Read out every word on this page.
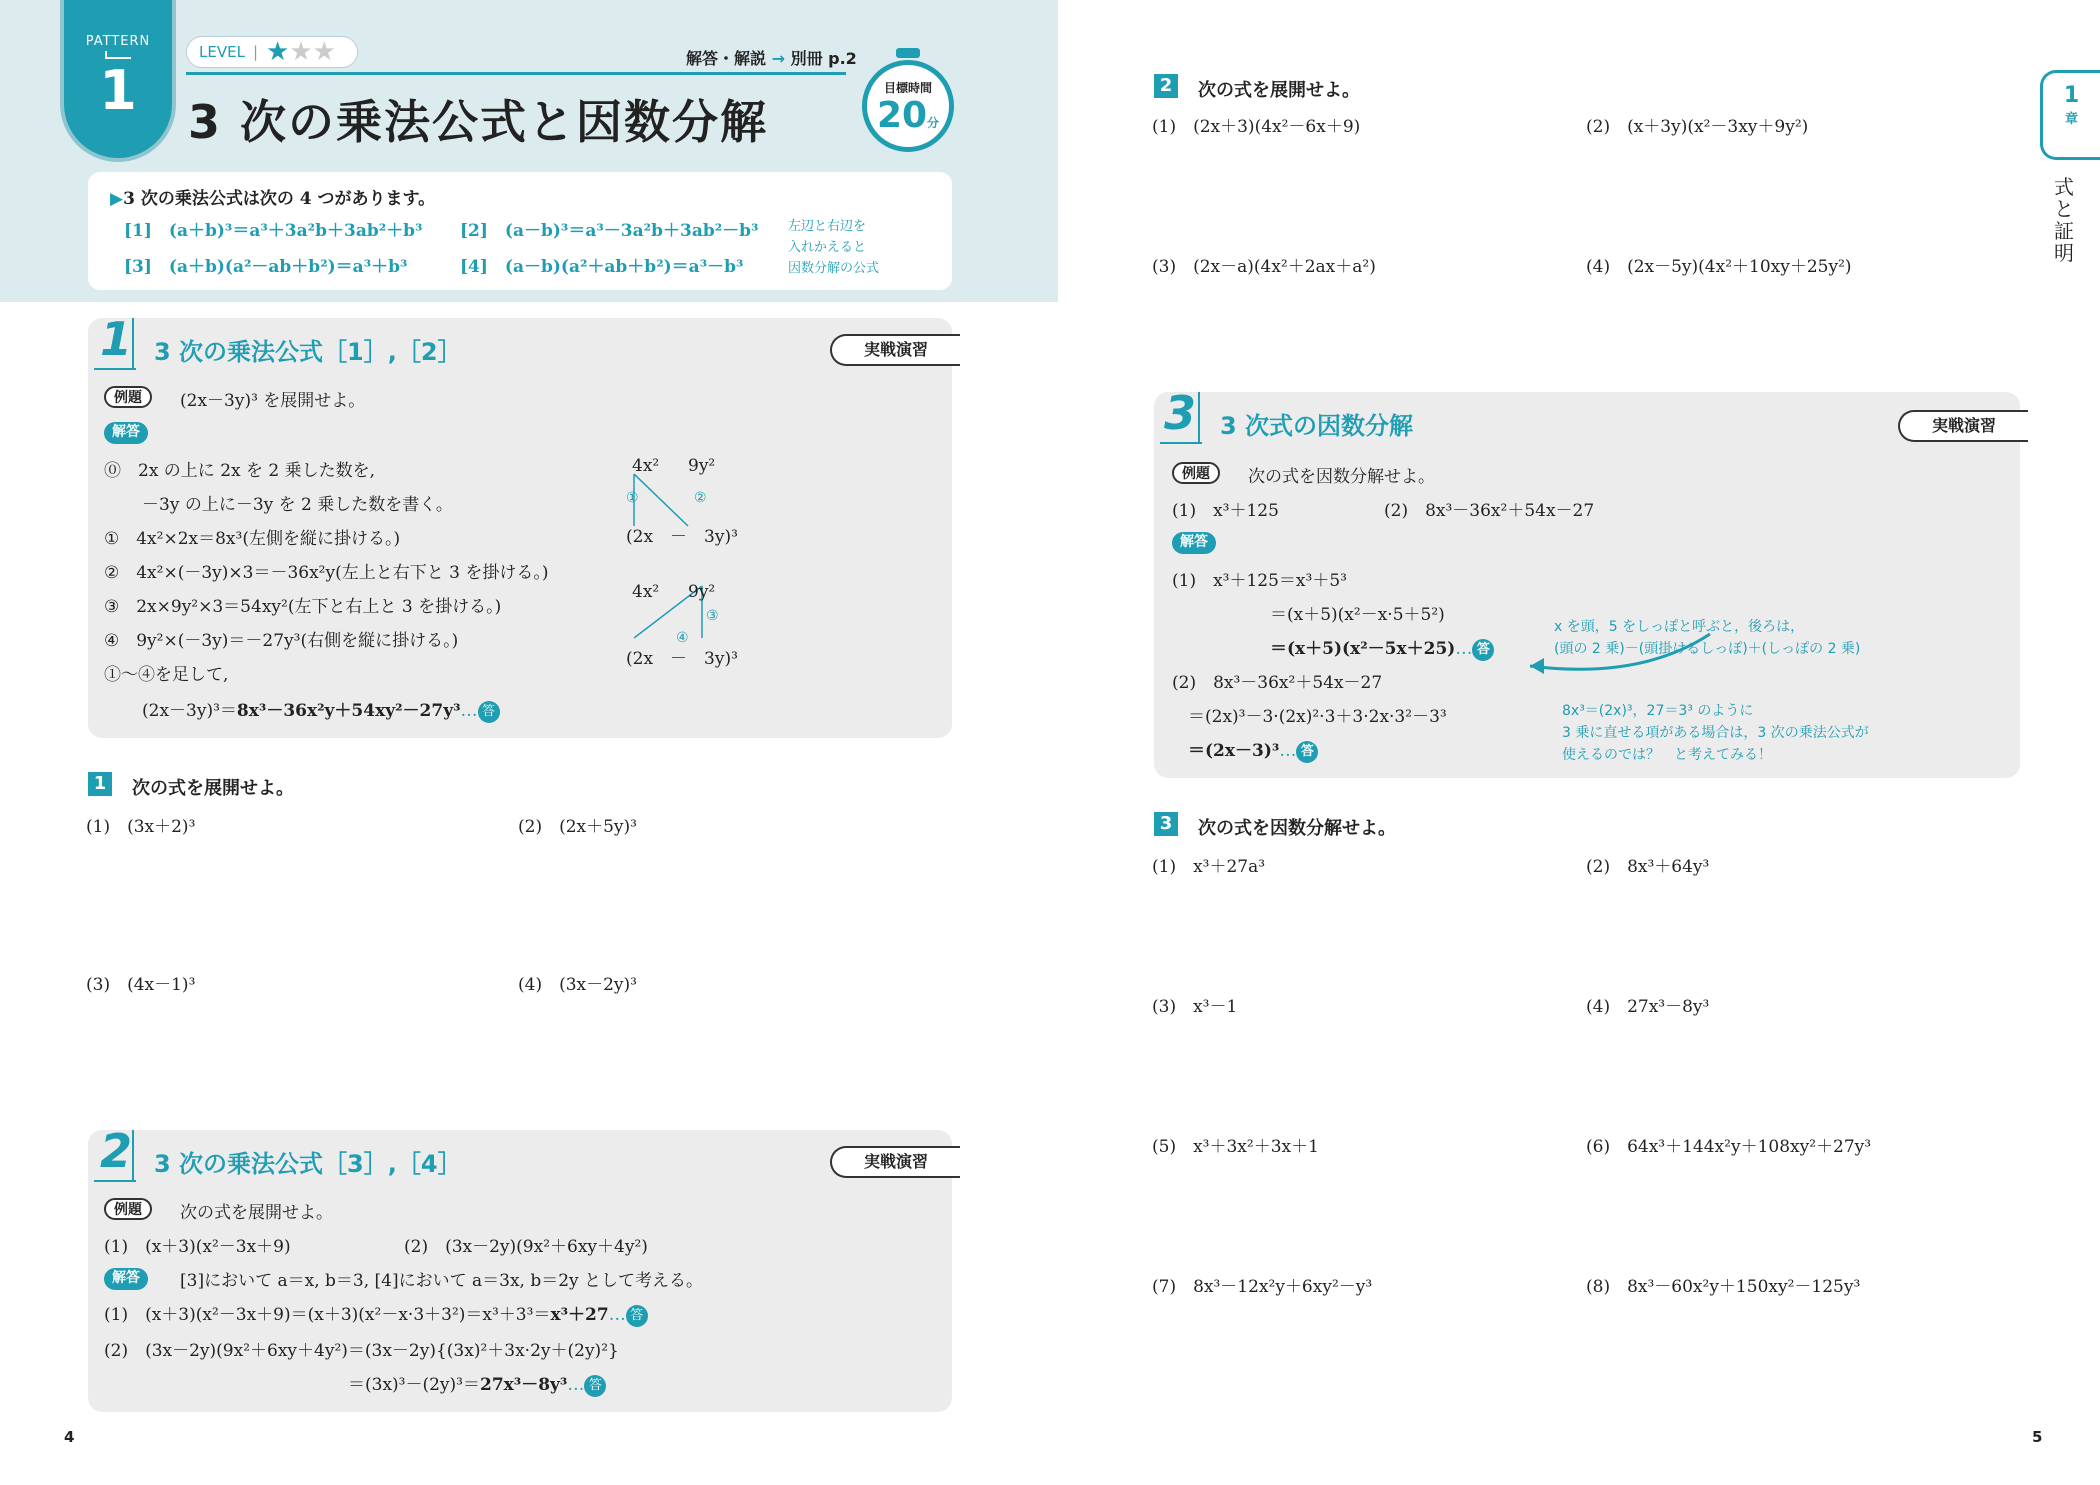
PATTERN
1
LEVEL | ★ ★ ★	解答・解説 → 別冊 p.2
3 次の乗法公式と因数分解
目標時間
20分
▶3 次の乗法公式は次の 4 つがあります。
[1]　(a＋b)³＝a³＋3a²b＋3ab²＋b³ [2]　(a－b)³＝a³－3a²b＋3ab²－b³
[3]　(a＋b)(a²－ab＋b²)＝a³＋b³	[4]　(a－b)(a²＋ab＋b²)＝a³－b³
左辺と右辺を
入れかえると
因数分解の公式
1 3 次の乗法公式［1］,［2］	実戦演習
例題	(2x－3y)³ を展開せよ。
解答
⓪　2x の上に 2x を 2 乗した数を,
－3y の上に－3y を 2 乗した数を書く。
①　4x²×2x＝8x³(左側を縦に掛ける。)
②　4x²×(－3y)×3＝－36x²y(左上と右下と 3 を掛ける。)
③　2x×9y²×3＝54xy²(左下と右上と 3 を掛ける。)
④　9y²×(－3y)＝－27y³(右側を縦に掛ける。)
①～④を足して,
(2x－3y)³＝8x³－36x²y＋54xy²－27y³… 答
4x² 9y²
①	②
(2x　－　3y)³
4x² 9y²
③
④
(2x　－　3y)³
1	次の式を展開せよ。
(1)　(3x＋2)³	(2)　(2x＋5y)³
(3)　(4x－1)³	(4)　(3x－2y)³
2 3 次の乗法公式［3］,［4］	実戦演習
例題	次の式を展開せよ。
(1)　(x＋3)(x²－3x＋9)	(2)　(3x－2y)(9x²＋6xy＋4y²)
解答	[3]において a＝x, b＝3, [4]において a＝3x, b＝2y として考える。
(1)　(x＋3)(x²－3x＋9)＝(x＋3)(x²－x·3＋3²)＝x³＋3³＝x³＋27… 答
(2)　(3x－2y)(9x²＋6xy＋4y²)＝(3x－2y){(3x)²＋3x·2y＋(2y)²}
＝(3x)³－(2y)³＝27x³－8y³… 答
4
2	次の式を展開せよ。
(1)　(2x＋3)(4x²－6x＋9)	(2)　(x＋3y)(x²－3xy＋9y²)
(3)　(2x－a)(4x²＋2ax＋a²)	(4)　(2x－5y)(4x²＋10xy＋25y²)
1
章
式と証明
3 3 次式の因数分解	実戦演習
例題	次の式を因数分解せよ。
(1)　x³＋125	(2)　8x³－36x²＋54x－27
解答
(1)　x³＋125＝x³＋5³
＝(x＋5)(x²－x·5＋5²)
＝(x＋5)(x²－5x＋25)… 答
(2)　8x³－36x²＋54x－27
＝(2x)³－3·(2x)²·3＋3·2x·3²－3³
＝(2x－3)³… 答
x を頭，5 をしっぽと呼ぶと，後ろは，
(頭の 2 乗)－(頭掛けるしっぽ)＋(しっぽの 2 乗)
8x³＝(2x)³，27＝3³ のように
3 乗に直せる項がある場合は，3 次の乗法公式が
使えるのでは？　と考えてみる！
3	次の式を因数分解せよ。
(1)　x³＋27a³	(2)　8x³＋64y³
(3)　x³－1	(4)　27x³－8y³
(5)　x³＋3x²＋3x＋1	(6)　64x³＋144x²y＋108xy²＋27y³
(7)　8x³－12x²y＋6xy²－y³	(8)　8x³－60x²y＋150xy²－125y³
5
